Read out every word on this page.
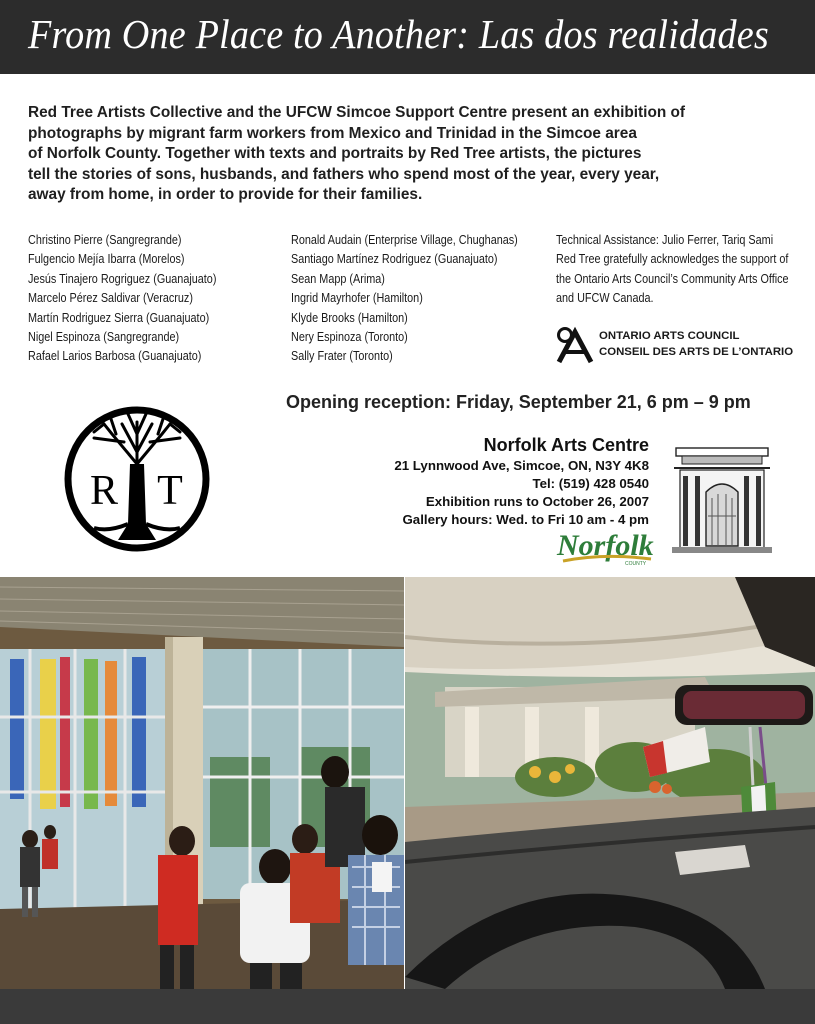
From One Place to Another: Las dos realidades
Red Tree Artists Collective and the UFCW Simcoe Support Centre present an exhibition of
photographs by migrant farm workers from Mexico and Trinidad in the Simcoe area
of Norfolk County. Together with texts and portraits by Red Tree artists, the pictures
tell the stories of sons, husbands, and fathers who spend most of the year, every year,
away from home, in order to provide for their families.
Christino Pierre (Sangregrande)
Fulgencio Mejía Ibarra (Morelos)
Jesús Tinajero Rogriguez (Guanajuato)
Marcelo Pérez Saldivar (Veracruz)
Martín Rodriguez Sierra (Guanajuato)
Nigel Espinoza (Sangregrande)
Rafael Larios Barbosa (Guanajuato)
Ronald Audain (Enterprise Village, Chughanas)
Santiago Martínez Rodriguez (Guanajuato)
Sean Mapp (Arima)
Ingrid Mayrhofer (Hamilton)
Klyde Brooks (Hamilton)
Nery Espinoza (Toronto)
Sally Frater (Toronto)
Technical Assistance: Julio Ferrer, Tariq Sami
Red Tree gratefully acknowledges the support of
the Ontario Arts Council’s Community Arts Office
and UFCW Canada.
ONTARIO ARTS COUNCIL
CONSEIL DES ARTS DE L’ONTARIO
Opening reception: Friday, September 21, 6 pm – 9 pm
R T
Norfolk Arts Centre
21 Lynnwood Ave, Simcoe, ON, N3Y 4K8
Tel: (519) 428 0540
Exhibition runs to October 26, 2007
Gallery hours: Wed. to Fri 10 am - 4 pm
Norfolk
COUNTY
